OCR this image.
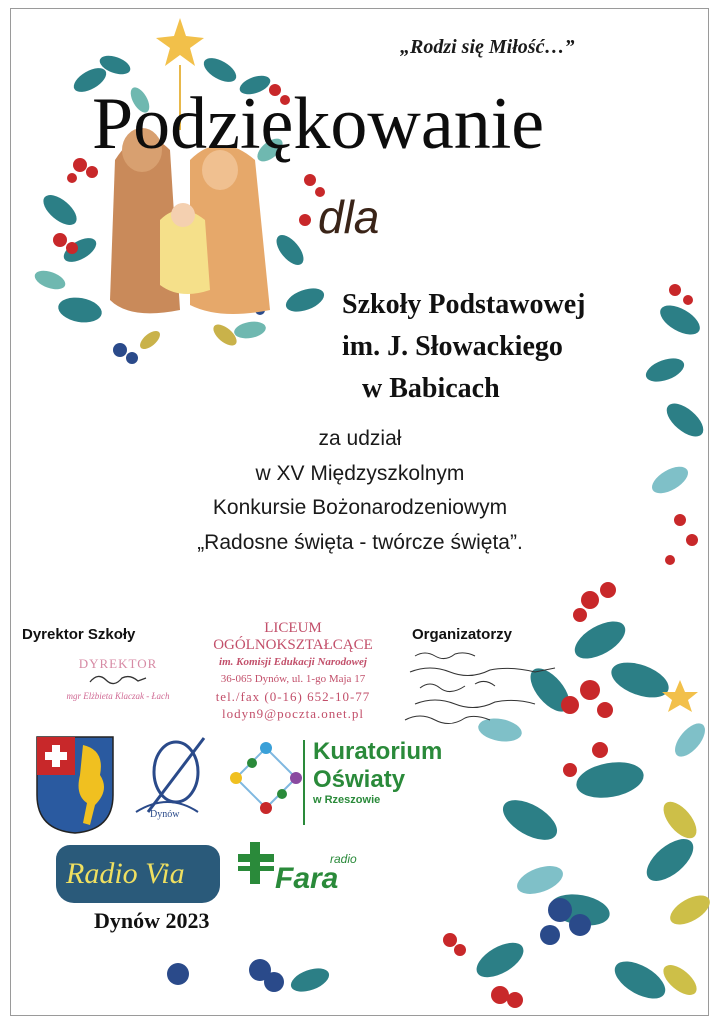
„Rodzi się Miłość…”
Podziękowanie
dla
Szkoły Podstawowej
im. J. Słowackiego
w Babicach
za udział
w XV Międzyszkolnym
Konkursie Bożonarodzeniowym
„Radosne święta - twórcze święta”.
Dyrektor Szkoły
DYREKTOR
mgr Elżbieta Klaczak - Łach
LICEUM OGÓLNOKSZTAŁCĄCE
im. Komisji Edukacji Narodowej
36-065 Dynów, ul. 1-go Maja 17
tel./fax (0-16) 652-10-77
lodyn9@poczta.onet.pl
Organizatorzy
Dynów
Kuratorium
Oświaty
w Rzeszowie
Radio Via	radio
Fara
Dynów 2023
